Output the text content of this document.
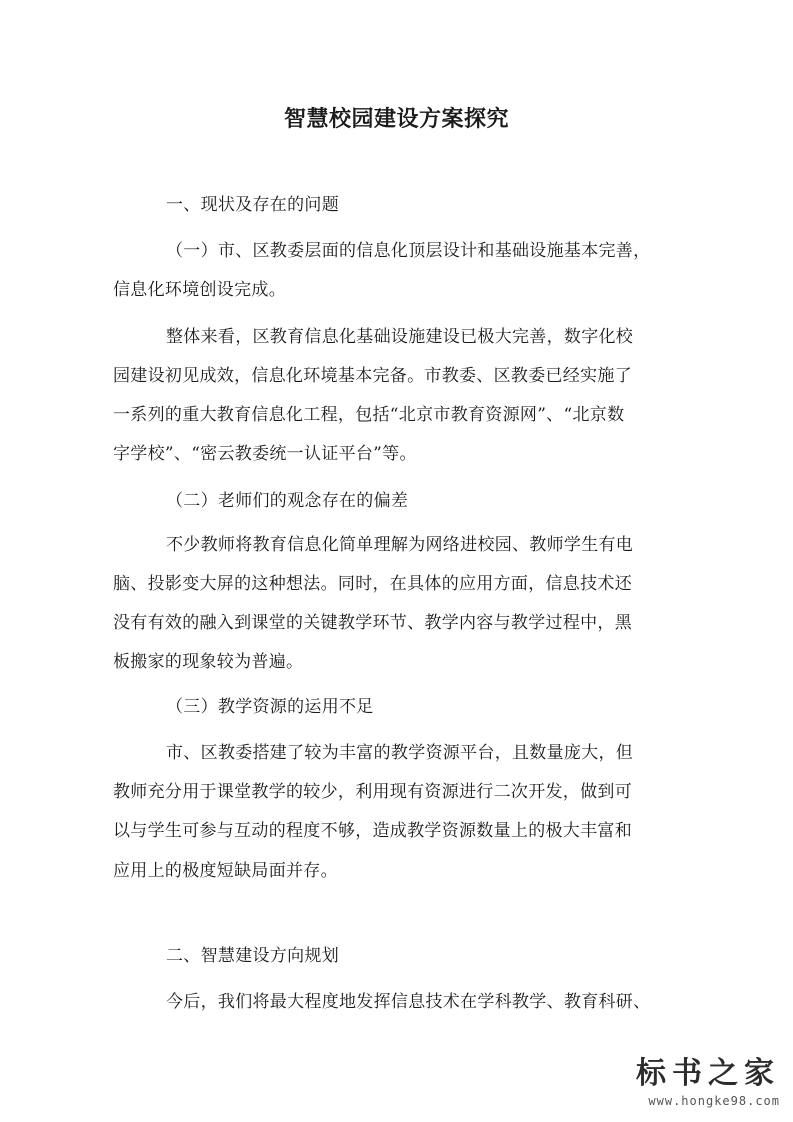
智慧校园建设方案探究
一、现状及存在的问题
（一）市、区教委层面的信息化顶层设计和基础设施基本完善，
信息化环境创设完成。
整体来看，区教育信息化基础设施建设已极大完善，数字化校
园建设初见成效，信息化环境基本完备。市教委、区教委已经实施了
一系列的重大教育信息化工程，包括“北京市教育资源网”、“北京数
字学校”、“密云教委统一认证平台”等。
（二）老师们的观念存在的偏差
不少教师将教育信息化简单理解为网络进校园、教师学生有电
脑、投影变大屏的这种想法。同时，在具体的应用方面，信息技术还
没有有效的融入到课堂的关键教学环节、教学内容与教学过程中，黑
板搬家的现象较为普遍。
（三）教学资源的运用不足
市、区教委搭建了较为丰富的教学资源平台，且数量庞大，但
教师充分用于课堂教学的较少，利用现有资源进行二次开发，做到可
以与学生可参与互动的程度不够，造成教学资源数量上的极大丰富和
应用上的极度短缺局面并存。
二、智慧建设方向规划
今后，我们将最大程度地发挥信息技术在学科教学、教育科研、
标书之家
www.hongke98.com
